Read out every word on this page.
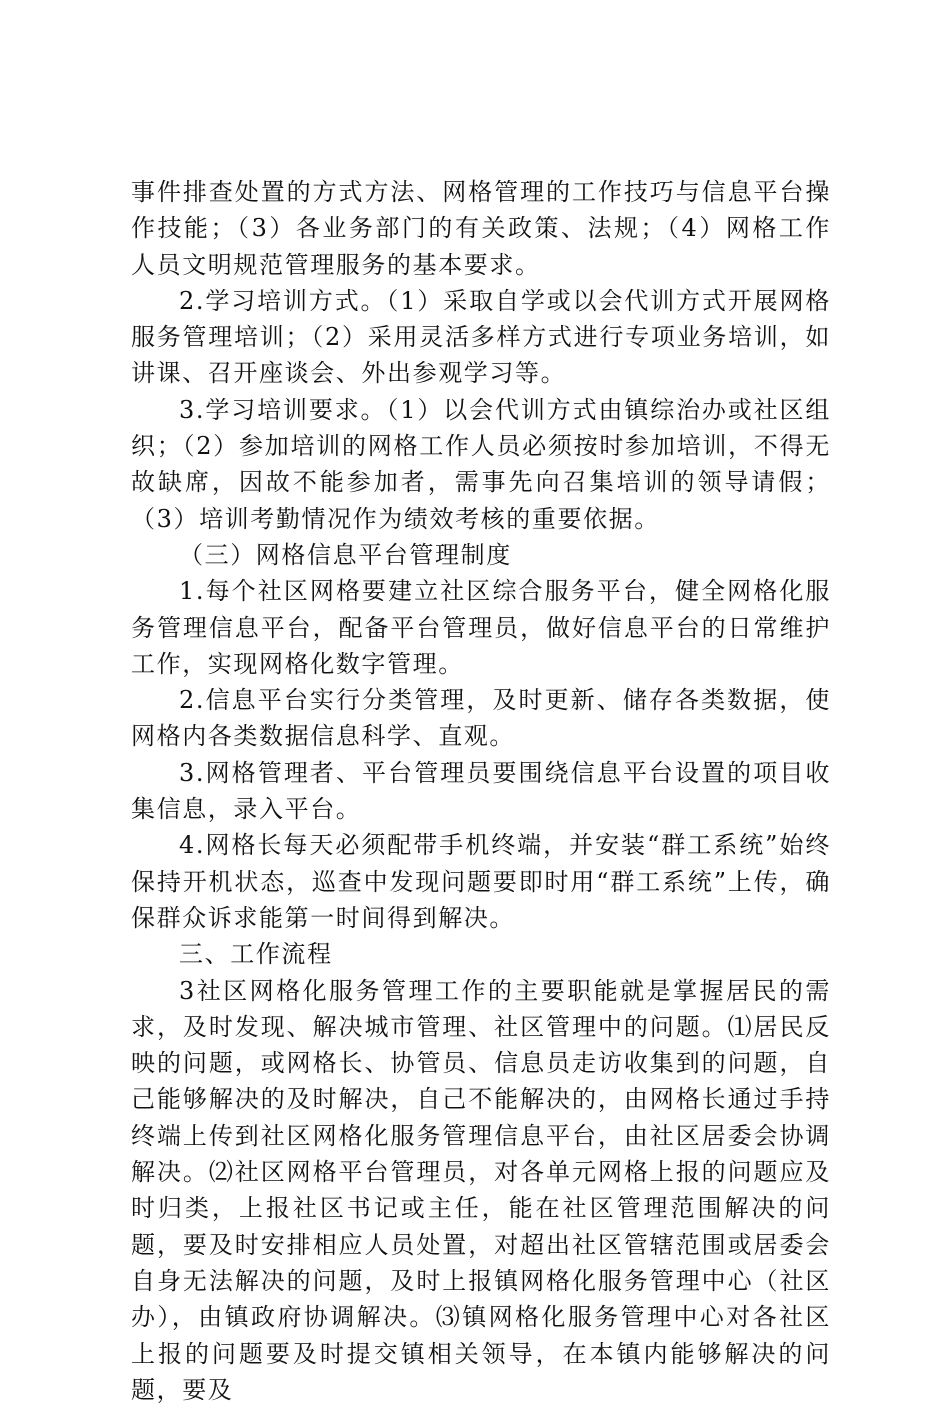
事件排查处置的方式方法、网格管理的工作技巧与信息平台操作技能；（3）各业务部门的有关政策、法规；（4）网格工作人员文明规范管理服务的基本要求。

2.学习培训方式。（1）采取自学或以会代训方式开展网格服务管理培训；（2）采用灵活多样方式进行专项业务培训，如讲课、召开座谈会、外出参观学习等。

3.学习培训要求。（1）以会代训方式由镇综治办或社区组织；（2）参加培训的网格工作人员必须按时参加培训，不得无故缺席，因故不能参加者，需事先向召集培训的领导请假；（3）培训考勤情况作为绩效考核的重要依据。

（三）网格信息平台管理制度

1.每个社区网格要建立社区综合服务平台，健全网格化服务管理信息平台，配备平台管理员，做好信息平台的日常维护工作，实现网格化数字管理。

2.信息平台实行分类管理，及时更新、储存各类数据，使网格内各类数据信息科学、直观。

3.网格管理者、平台管理员要围绕信息平台设置的项目收集信息，录入平台。

4.网格长每天必须配带手机终端，并安装“群工系统”始终保持开机状态，巡查中发现问题要即时用“群工系统”上传，确保群众诉求能第一时间得到解决。

三、工作流程

3社区网格化服务管理工作的主要职能就是掌握居民的需求，及时发现、解决城市管理、社区管理中的问题。⑴居民反映的问题，或网格长、协管员、信息员走访收集到的问题，自己能够解决的及时解决，自己不能解决的，由网格长通过手持终端上传到社区网格化服务管理信息平台，由社区居委会协调解决。⑵社区网格平台管理员，对各单元网格上报的问题应及时归类，上报社区书记或主任，能在社区管理范围解决的问题，要及时安排相应人员处置，对超出社区管辖范围或居委会自身无法解决的问题，及时上报镇网格化服务管理中心（社区办），由镇政府协调解决。⑶镇网格化服务管理中心对各社区上报的问题要及时提交镇相关领导，在本镇内能够解决的问题，要及
